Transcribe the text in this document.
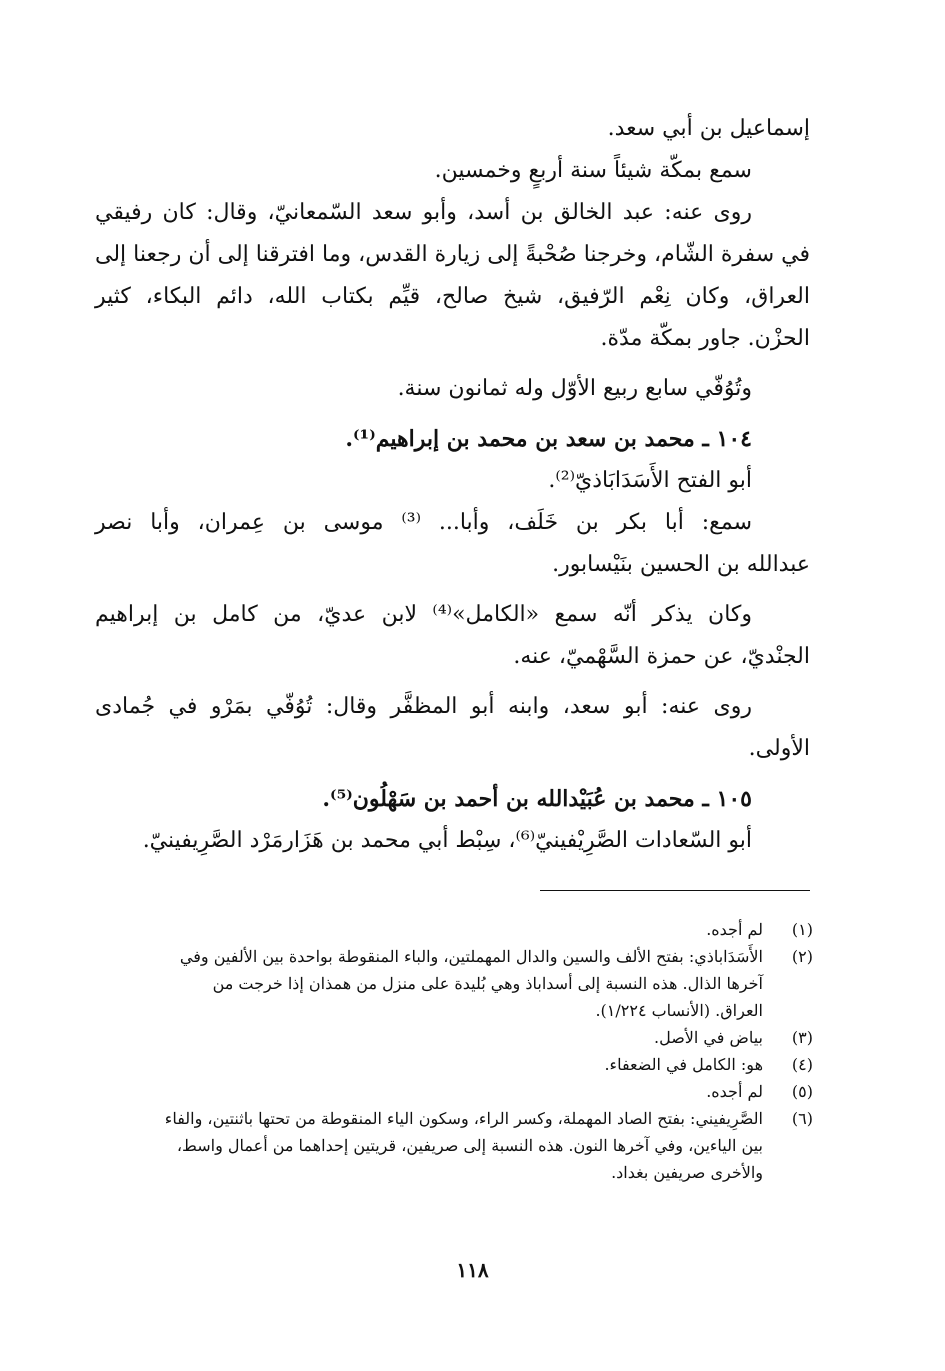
إسماعيل بن أبي سعد.

سمع بمكّة شيئاً سنة أربعٍ وخمسين.

روى عنه: عبد الخالق بن أسد، وأبو سعد السّمعانيّ، وقال: كان رفيقي

في سفرة الشّام، وخرجنا صُحْبةً إلى زيارة القدس، وما افترقنا إلى أن رجعنا إلى

العراق، وكان نِعْم الرّفيق، شيخ صالح، قيِّم بكتاب الله، دائم البكاء، كثير

الحزْن. جاور بمكّة مدّة.

وتُوُفّي سابع ربيع الأوّل وله ثمانون سنة.

١٠٤ ـ محمد بن سعد بن محمد بن إبراهيم⁽¹⁾.

أبو الفتح الأَسَدَابَاذيّ⁽²⁾.

سمع: أبا بكر بن خَلَف، وأبا... ⁽³⁾ موسى بن عِمران، وأبا نصر

عبدالله بن الحسين بنَيْسابور.

وكان يذكر أنّه سمع «الكامل»⁽⁴⁾ لابن عديّ، من كامل بن إبراهيم

الجنْديّ، عن حمزة السَّهْميّ، عنه.

روى عنه: أبو سعد، وابنه أبو المظفَّر وقال: تُوُفّي بمَرْو في جُمادى

الأولى.

١٠٥ ـ محمد بن عُبَيْدالله بن أحمد بن سَهْلُون⁽⁵⁾.

أبو السّعادات الصَّرِيْفينيّ⁽⁶⁾، سِبْط أبي محمد بن هَزَارمَرْد الصَّرِيفينيّ.

(١)
لم أجده.
(٢)
الأَسَدَاباذي: بفتح الألف والسين والدال المهملتين، والباء المنقوطة بواحدة بين الألفين وفي
آخرها الذال. هذه النسبة إلى أسداباذ وهي بُليدة على منزل من همذان إذا خرجت من
العراق. (الأنساب ١/٢٢٤).
(٣)
بياض في الأصل.
(٤)
هو: الكامل في الضعفاء.
(٥)
لم أجده.
(٦)
الصَّرِيفيني: بفتح الصاد المهملة، وكسر الراء، وسكون الياء المنقوطة من تحتها باثنتين، والفاء
بين الياءين، وفي آخرها النون. هذه النسبة إلى صريفين، قريتين إحداهما من أعمال واسط،
والأخرى صريفين بغداد.
١١٨
